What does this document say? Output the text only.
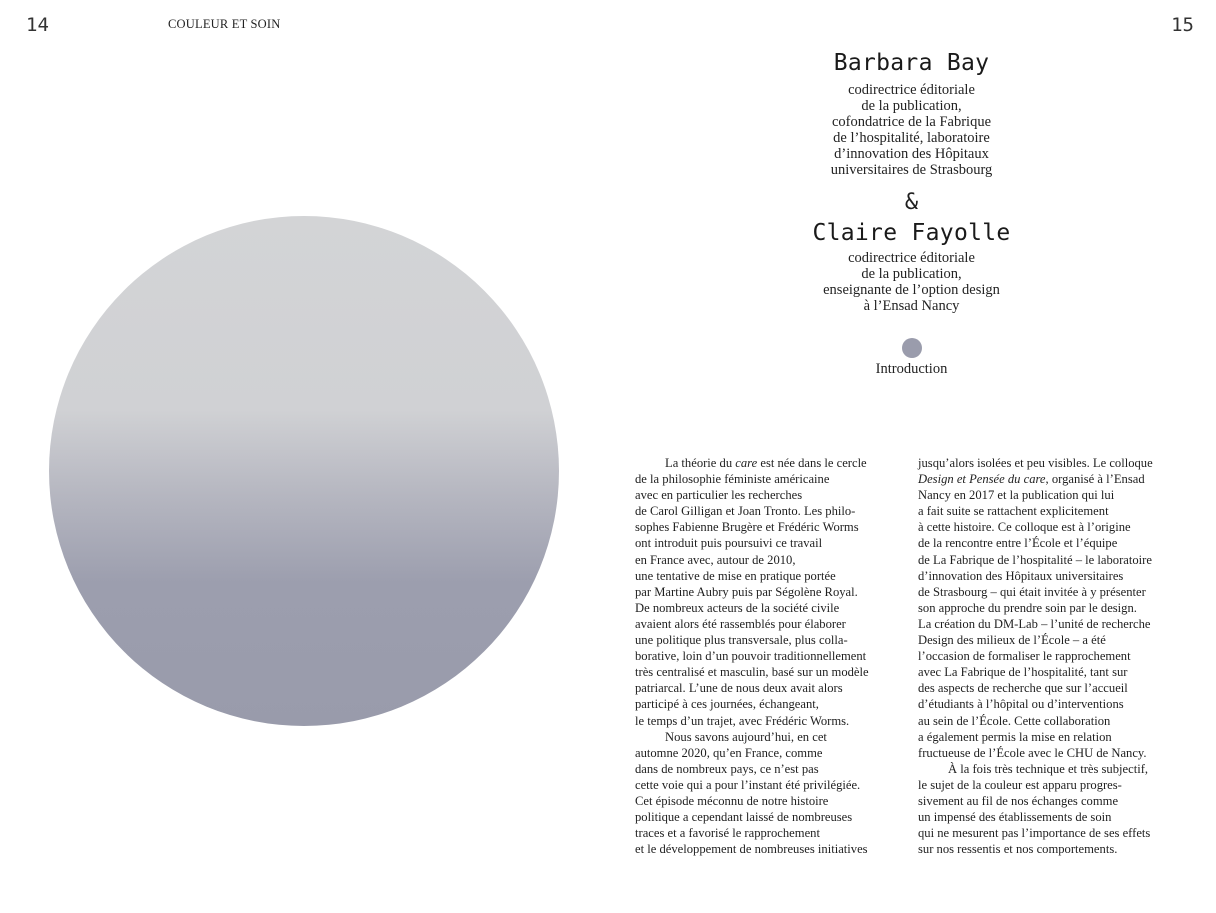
14	COULEUR ET SOIN	15
Barbara Bay
codirectrice éditoriale
de la publication,
cofondatrice de la Fabrique
de l’hospitalité, laboratoire
d’innovation des Hôpitaux
universitaires de Strasbourg
&
Claire Fayolle
codirectrice éditoriale
de la publication,
enseignante de l’option design
à l’Ensad Nancy
Introduction
La théorie du care est née dans le cercle
de la philosophie féministe américaine
avec en particulier les recherches
de Carol Gilligan et Joan Tronto. Les philo-
sophes Fabienne Brugère et Frédéric Worms
ont introduit puis poursuivi ce travail
en France avec, autour de 2010,
une tentative de mise en pratique portée
par Martine Aubry puis par Ségolène Royal.
De nombreux acteurs de la société civile
avaient alors été rassemblés pour élaborer
une politique plus transversale, plus colla-
borative, loin d’un pouvoir traditionnellement
très centralisé et masculin, basé sur un modèle
patriarcal. L’une de nous deux avait alors
participé à ces journées, échangeant,
le temps d’un trajet, avec Frédéric Worms.
Nous savons aujourd’hui, en cet
automne 2020, qu’en France, comme
dans de nombreux pays, ce n’est pas
cette voie qui a pour l’instant été privilégiée.
Cet épisode méconnu de notre histoire
politique a cependant laissé de nombreuses
traces et a favorisé le rapprochement
et le développement de nombreuses initiatives
jusqu’alors isolées et peu visibles. Le colloque
Design et Pensée du care, organisé à l’Ensad
Nancy en 2017 et la publication qui lui
a fait suite se rattachent explicitement
à cette histoire. Ce colloque est à l’origine
de la rencontre entre l’École et l’équipe
de La Fabrique de l’hospitalité – le laboratoire
d’innovation des Hôpitaux universitaires
de Strasbourg – qui était invitée à y présenter
son approche du prendre soin par le design.
La création du DM-Lab – l’unité de recherche
Design des milieux de l’École – a été
l’occasion de formaliser le rapprochement
avec La Fabrique de l’hospitalité, tant sur
des aspects de recherche que sur l’accueil
d’étudiants à l’hôpital ou d’interventions
au sein de l’École. Cette collaboration
a également permis la mise en relation
fructueuse de l’École avec le CHU de Nancy.
À la fois très technique et très subjectif,
le sujet de la couleur est apparu progres-
sivement au fil de nos échanges comme
un impensé des établissements de soin
qui ne mesurent pas l’importance de ses effets
sur nos ressentis et nos comportements.
